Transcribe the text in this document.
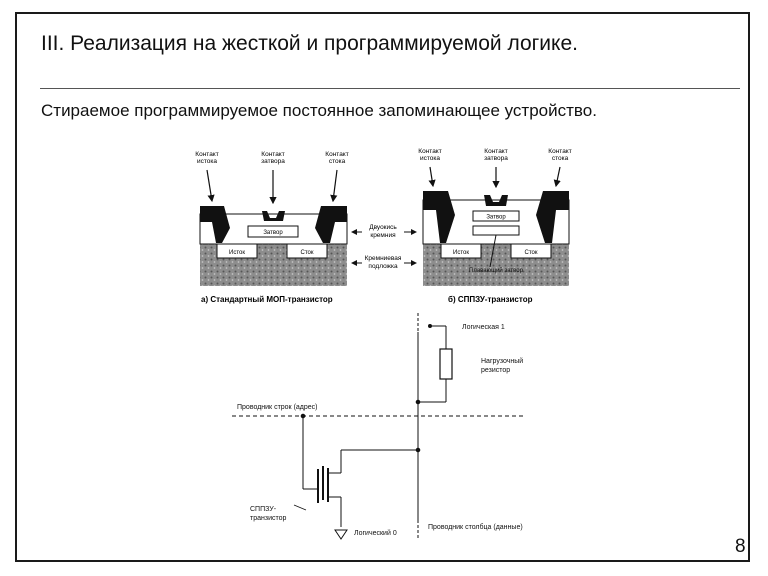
III. Реализация на жесткой и программируемой логике.
Стираемое программируемое постоянное запоминающее устройство.
8
Контакт
истока
Контакт
затвора
Контакт
стока
Затвор
Исток	Сток
а) Стандартный МОП-транзистор
Двуокись
кремния
Кремниевая
подложка
Контакт
истока
Контакт
затвора
Контакт
стока
Затвор
Исток	Сток
Плавающий затвор
б) СППЗУ-транзистор
Логическая 1
Нагрузочный
резистор
Проводник строк (адрес)
СППЗУ-
транзистор
Логический 0
Проводник столбца (данные)
